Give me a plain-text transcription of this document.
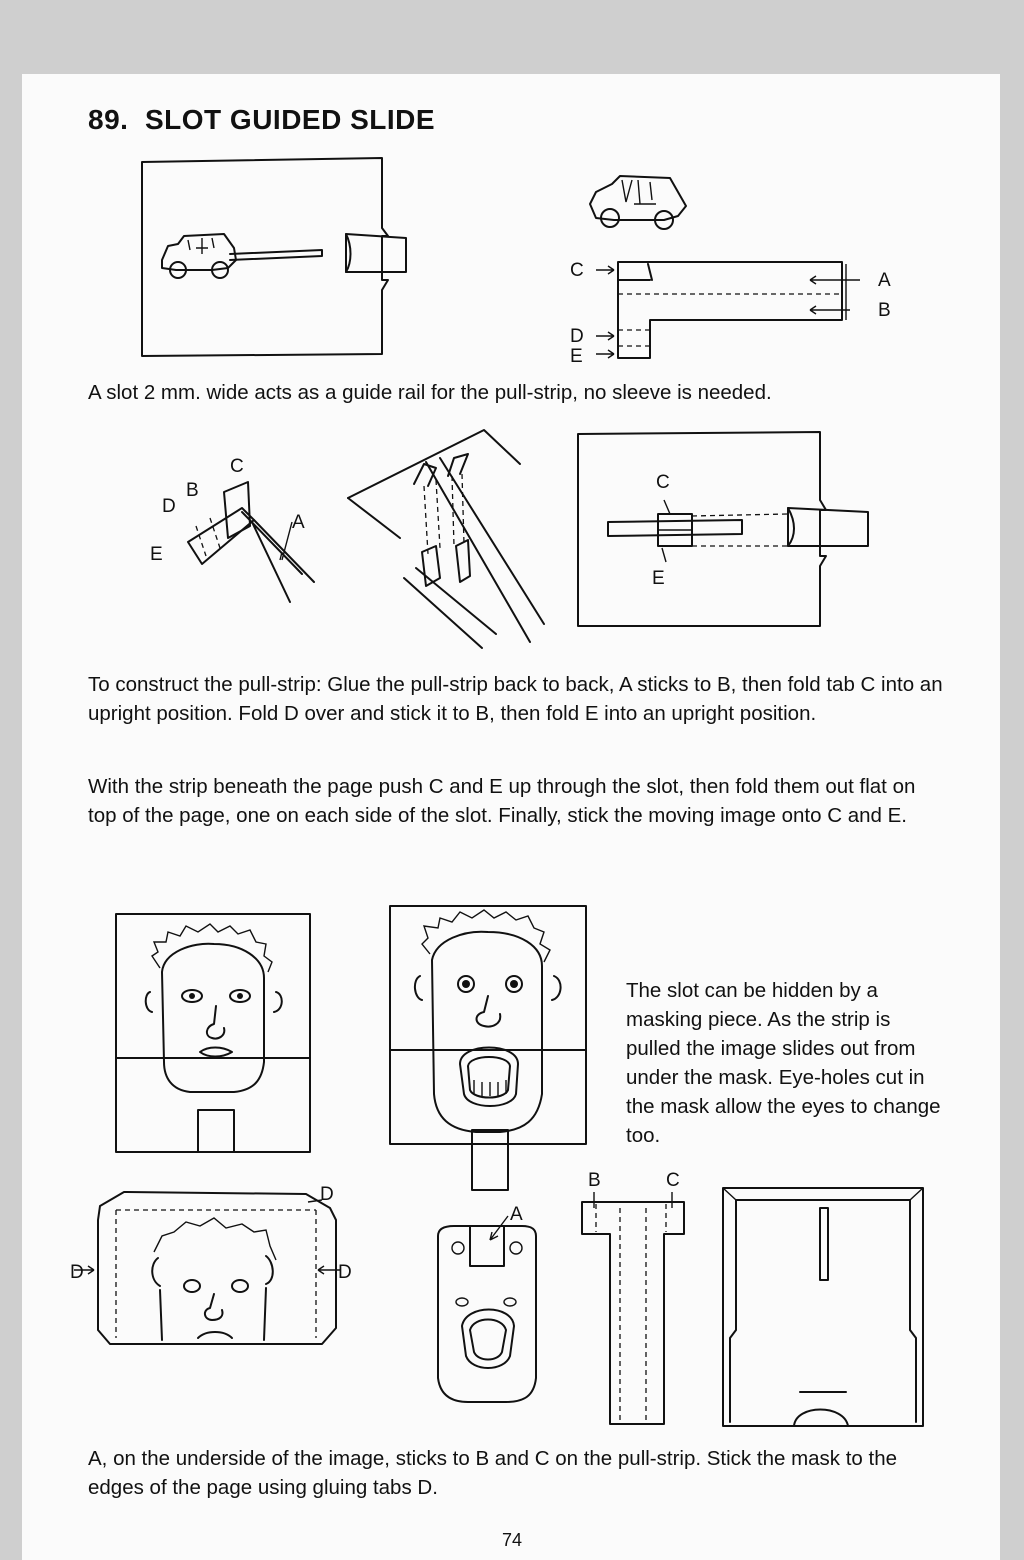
89.  SLOT GUIDED SLIDE
C	A
B
D
E

A slot 2 mm. wide acts as a guide rail for the pull-strip, no sleeve is needed.

C
B
D
A
E
C
E

To construct the pull-strip: Glue the pull-strip back to back, A sticks to B, then fold tab C into an upright position. Fold D over and stick it to B, then fold E into an upright position.

With the strip beneath the page push C and E up through the slot, then fold them out flat on top of the page, one on each side of the slot. Finally, stick the moving image onto C and E.

The slot can be hidden by a masking piece. As the strip is pulled the image slides out from under the mask. Eye-holes cut in the mask allow the eyes to change too.

D	D
D
A
B	C

A, on the underside of the image, sticks to B and C on the pull-strip. Stick the mask to the edges of the page using gluing tabs D.

74
